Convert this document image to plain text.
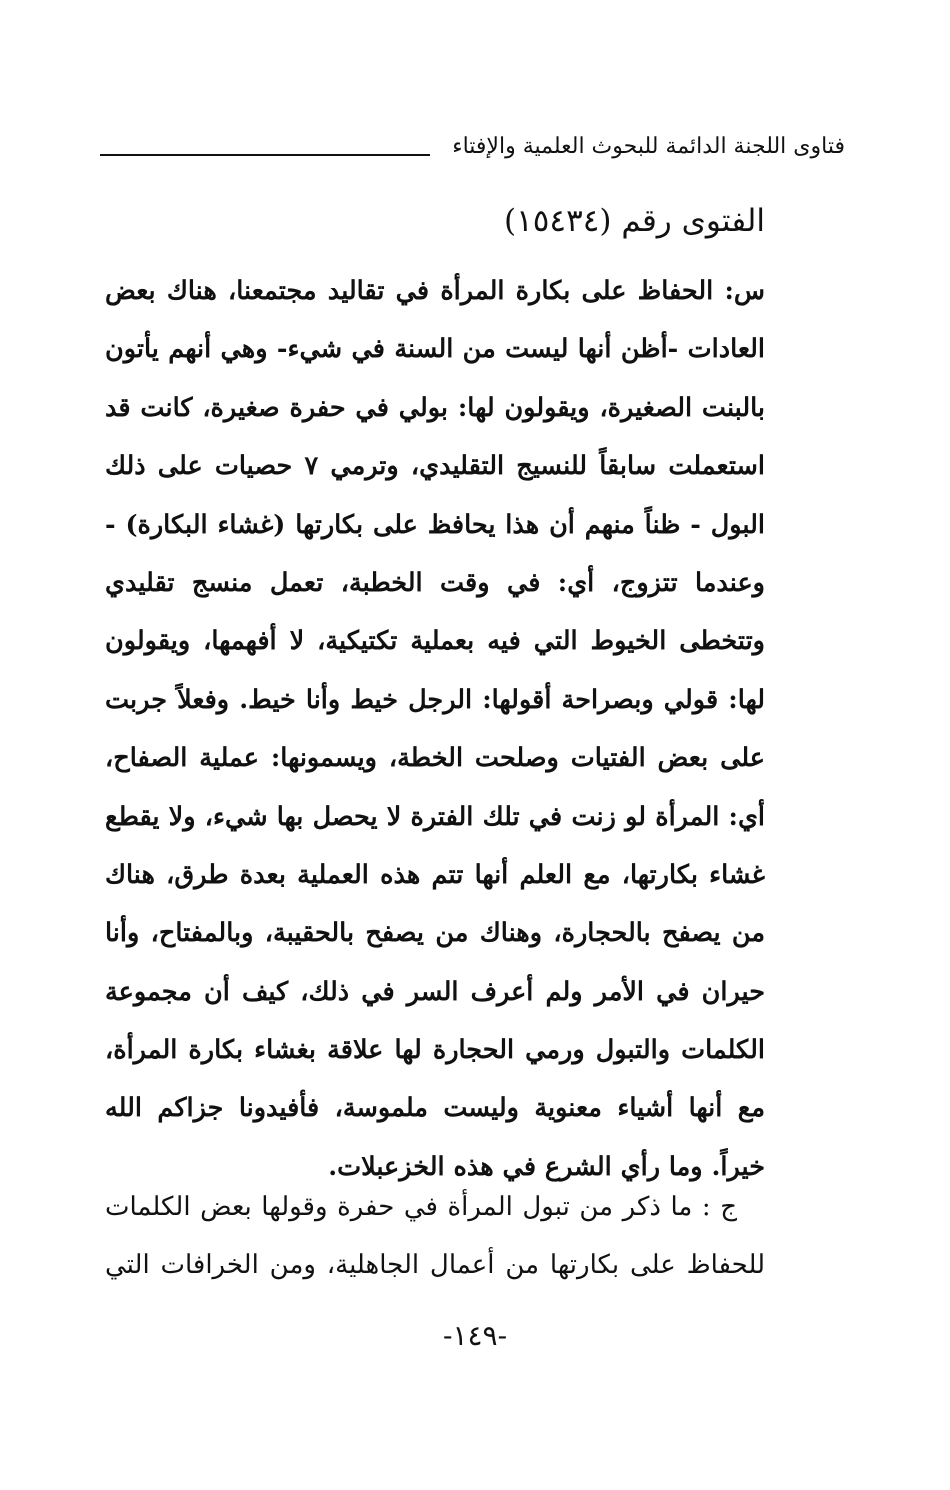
فتاوى اللجنة الدائمة للبحوث العلمية والإفتاء
الفتوى رقم (١٥٤٣٤)
س: الحفاظ على بكارة المرأة في تقاليد مجتمعنا، هناك بعض
العادات -أظن أنها ليست من السنة في شيء- وهي أنهم يأتون
بالبنت الصغيرة، ويقولون لها: بولي في حفرة صغيرة، كانت قد
استعملت سابقاً للنسيج التقليدي، وترمي ٧ حصيات على ذلك
البول - ظناً منهم أن هذا يحافظ على بكارتها (غشاء البكارة) -
وعندما تتزوج، أي: في وقت الخطبة، تعمل منسج تقليدي
وتتخطى الخيوط التي فيه بعملية تكتيكية، لا أفهمها، ويقولون
لها: قولي وبصراحة أقولها: الرجل خيط وأنا خيط. وفعلاً جربت
على بعض الفتيات وصلحت الخطة، ويسمونها: عملية الصفاح،
أي: المرأة لو زنت في تلك الفترة لا يحصل بها شيء، ولا يقطع
غشاء بكارتها، مع العلم أنها تتم هذه العملية بعدة طرق، هناك
من يصفح بالحجارة، وهناك من يصفح بالحقيبة، وبالمفتاح، وأنا
حيران في الأمر ولم أعرف السر في ذلك، كيف أن مجموعة
الكلمات والتبول ورمي الحجارة لها علاقة بغشاء بكارة المرأة،
مع أنها أشياء معنوية وليست ملموسة، فأفيدونا جزاكم الله
خيراً. وما رأي الشرع في هذه الخزعبلات.
ج : ما ذكر من تبول المرأة في حفرة وقولها بعض الكلمات
للحفاظ على بكارتها من أعمال الجاهلية، ومن الخرافات التي
-١٤٩-
